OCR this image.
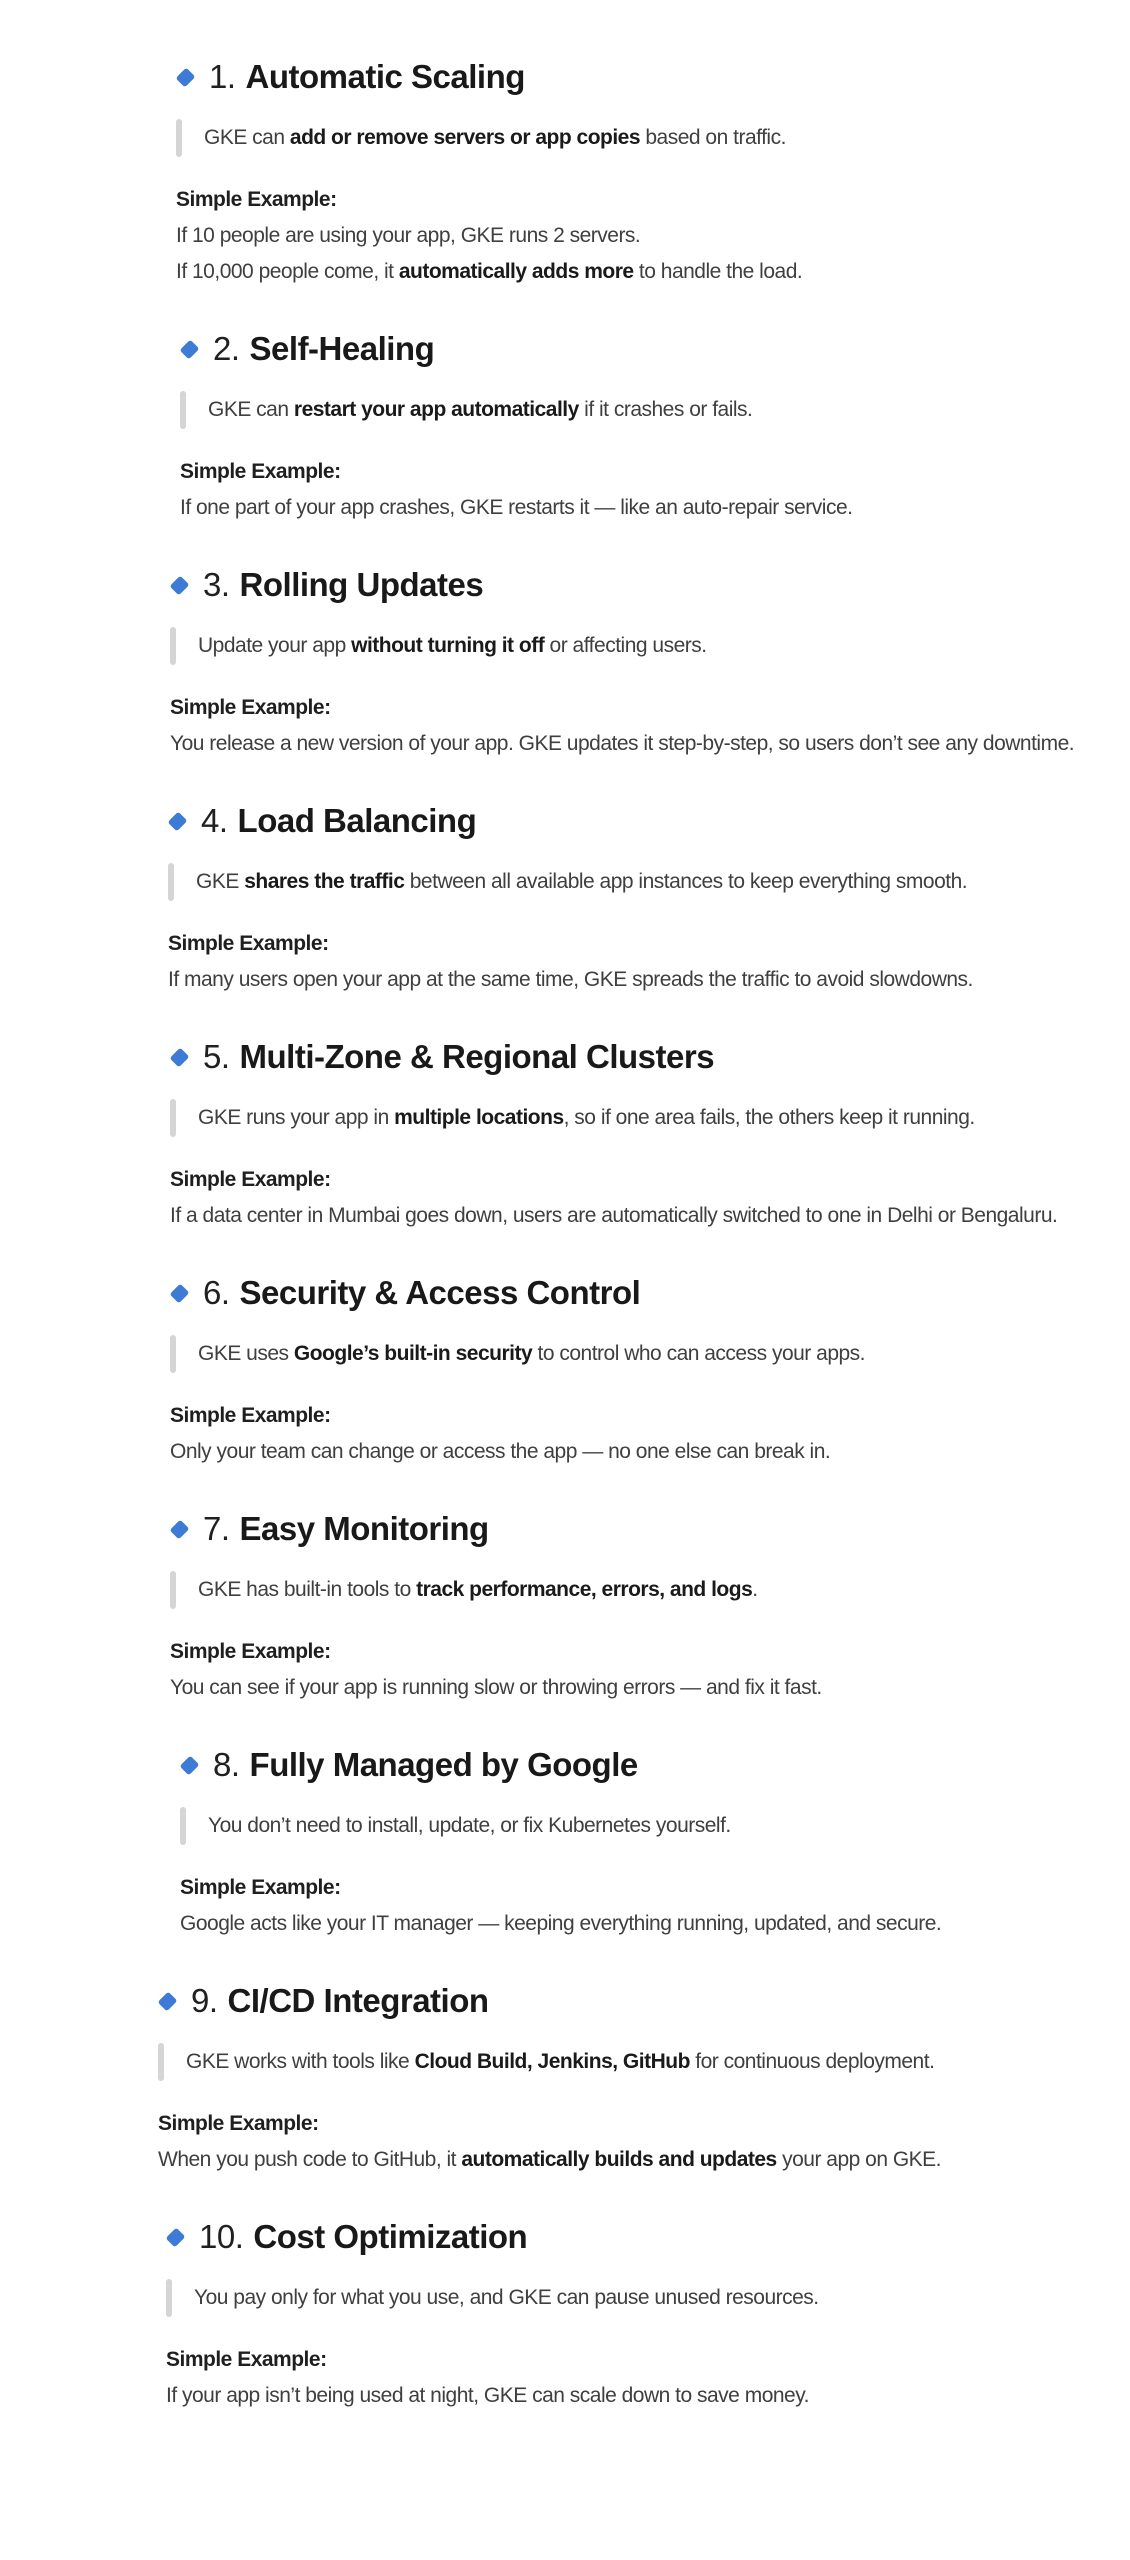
1. Automatic Scaling
GKE can add or remove servers or app copies based on traffic.
Simple Example:
If 10 people are using your app, GKE runs 2 servers.
If 10,000 people come, it automatically adds more to handle the load.
2. Self-Healing
GKE can restart your app automatically if it crashes or fails.
Simple Example:
If one part of your app crashes, GKE restarts it — like an auto-repair service.
3. Rolling Updates
Update your app without turning it off or affecting users.
Simple Example:
You release a new version of your app. GKE updates it step-by-step, so users don’t see any downtime.
4. Load Balancing
GKE shares the traffic between all available app instances to keep everything smooth.
Simple Example:
If many users open your app at the same time, GKE spreads the traffic to avoid slowdowns.
5. Multi-Zone & Regional Clusters
GKE runs your app in multiple locations, so if one area fails, the others keep it running.
Simple Example:
If a data center in Mumbai goes down, users are automatically switched to one in Delhi or Bengaluru.
6. Security & Access Control
GKE uses Google’s built-in security to control who can access your apps.
Simple Example:
Only your team can change or access the app — no one else can break in.
7. Easy Monitoring
GKE has built-in tools to track performance, errors, and logs.
Simple Example:
You can see if your app is running slow or throwing errors — and fix it fast.
8. Fully Managed by Google
You don’t need to install, update, or fix Kubernetes yourself.
Simple Example:
Google acts like your IT manager — keeping everything running, updated, and secure.
9. CI/CD Integration
GKE works with tools like Cloud Build, Jenkins, GitHub for continuous deployment.
Simple Example:
When you push code to GitHub, it automatically builds and updates your app on GKE.
10. Cost Optimization
You pay only for what you use, and GKE can pause unused resources.
Simple Example:
If your app isn’t being used at night, GKE can scale down to save money.
